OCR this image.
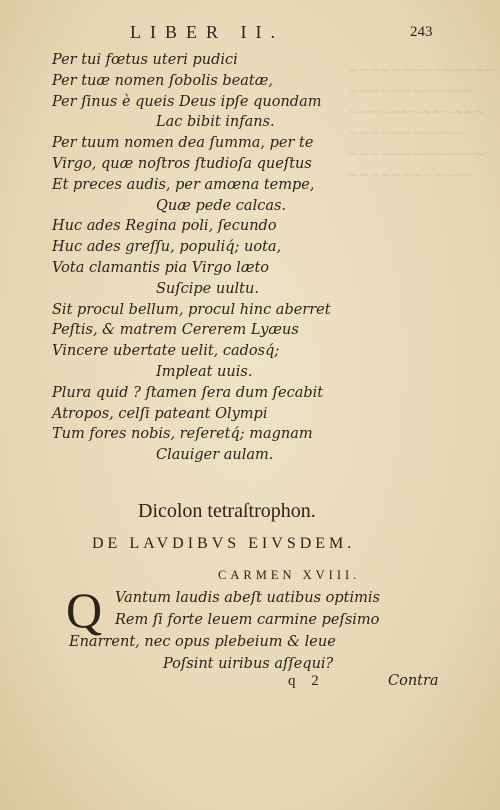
~~~~~~~~~~~~~~
~~~~~~~~~~~~
~~~~~~~~~~~~~
~~~~~~~~~~~
~~~~~~~~~~~~~
~~~~~~~~~~~~
LIBER II.	243
Per tui fœtus uteri pudici
Per tuæ nomen ſobolis beatæ,
Per ſinus è queis Deus ipſe quondam
Lac bibit infans.
Per tuum nomen dea ſumma, per te
Virgo, quæ noſtros ſtudioſa queſtus
Et preces audis, per amœna tempe,
Quæ pede calcas.
Huc ades Regina poli, ſecundo
Huc ades greſſu, populiq́; uota,
Vota clamantis pia Virgo læto
Suſcipe uultu.
Sit procul bellum, procul hinc aberret
Peſtis, & matrem Cererem Lyæus
Vincere ubertate uelit, cadosq́;
Impleat uuis.
Plura quid ? ſtamen ſera dum ſecabit
Atropos, celſi pateant Olympi
Tum fores nobis, reſeretq́; magnam
Clauiger aulam.
Dicolon tetraſtrophon.
DE LAVDIBVS EIVSDEM.
CARMEN XVIII.
Q Vantum laudis abeſt uatibus optimis
Rem ſi forte leuem carmine peſsimo
Enarrent, nec opus plebeium & leue
Poſsint uiribus aſſequi?
q 2	Contra
